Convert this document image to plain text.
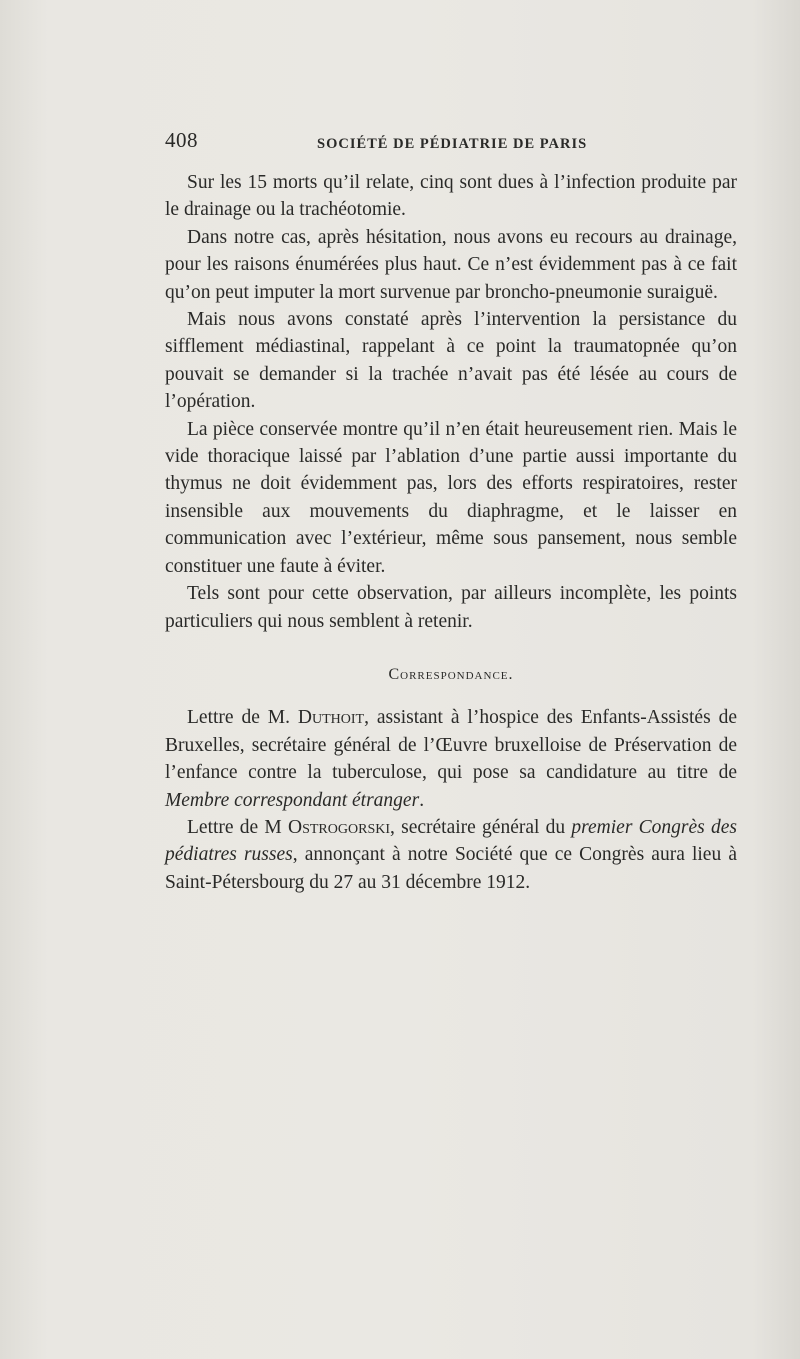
408	SOCIÉTÉ DE PÉDIATRIE DE PARIS

Sur les 15 morts qu’il relate, cinq sont dues à l’infection produite par le drainage ou la trachéotomie.

Dans notre cas, après hésitation, nous avons eu recours au drainage, pour les raisons énumérées plus haut. Ce n’est évidemment pas à ce fait qu’on peut imputer la mort survenue par broncho-pneumonie suraiguë.

Mais nous avons constaté après l’intervention la persistance du sifflement médiastinal, rappelant à ce point la traumatopnée qu’on pouvait se demander si la trachée n’avait pas été lésée au cours de l’opération.

La pièce conservée montre qu’il n’en était heureusement rien. Mais le vide thoracique laissé par l’ablation d’une partie aussi importante du thymus ne doit évidemment pas, lors des efforts respiratoires, rester insensible aux mouvements du diaphragme, et le laisser en communication avec l’extérieur, même sous pansement, nous semble constituer une faute à éviter.

Tels sont pour cette observation, par ailleurs incomplète, les points particuliers qui nous semblent à retenir.

Correspondance.

Lettre de M. Duthoit, assistant à l’hospice des Enfants-Assistés de Bruxelles, secrétaire général de l’Œuvre bruxelloise de Préservation de l’enfance contre la tuberculose, qui pose sa candidature au titre de Membre correspondant étranger.

Lettre de M Ostrogorski, secrétaire général du premier Congrès des pédiatres russes, annonçant à notre Société que ce Congrès aura lieu à Saint-Pétersbourg du 27 au 31 décembre 1912.
